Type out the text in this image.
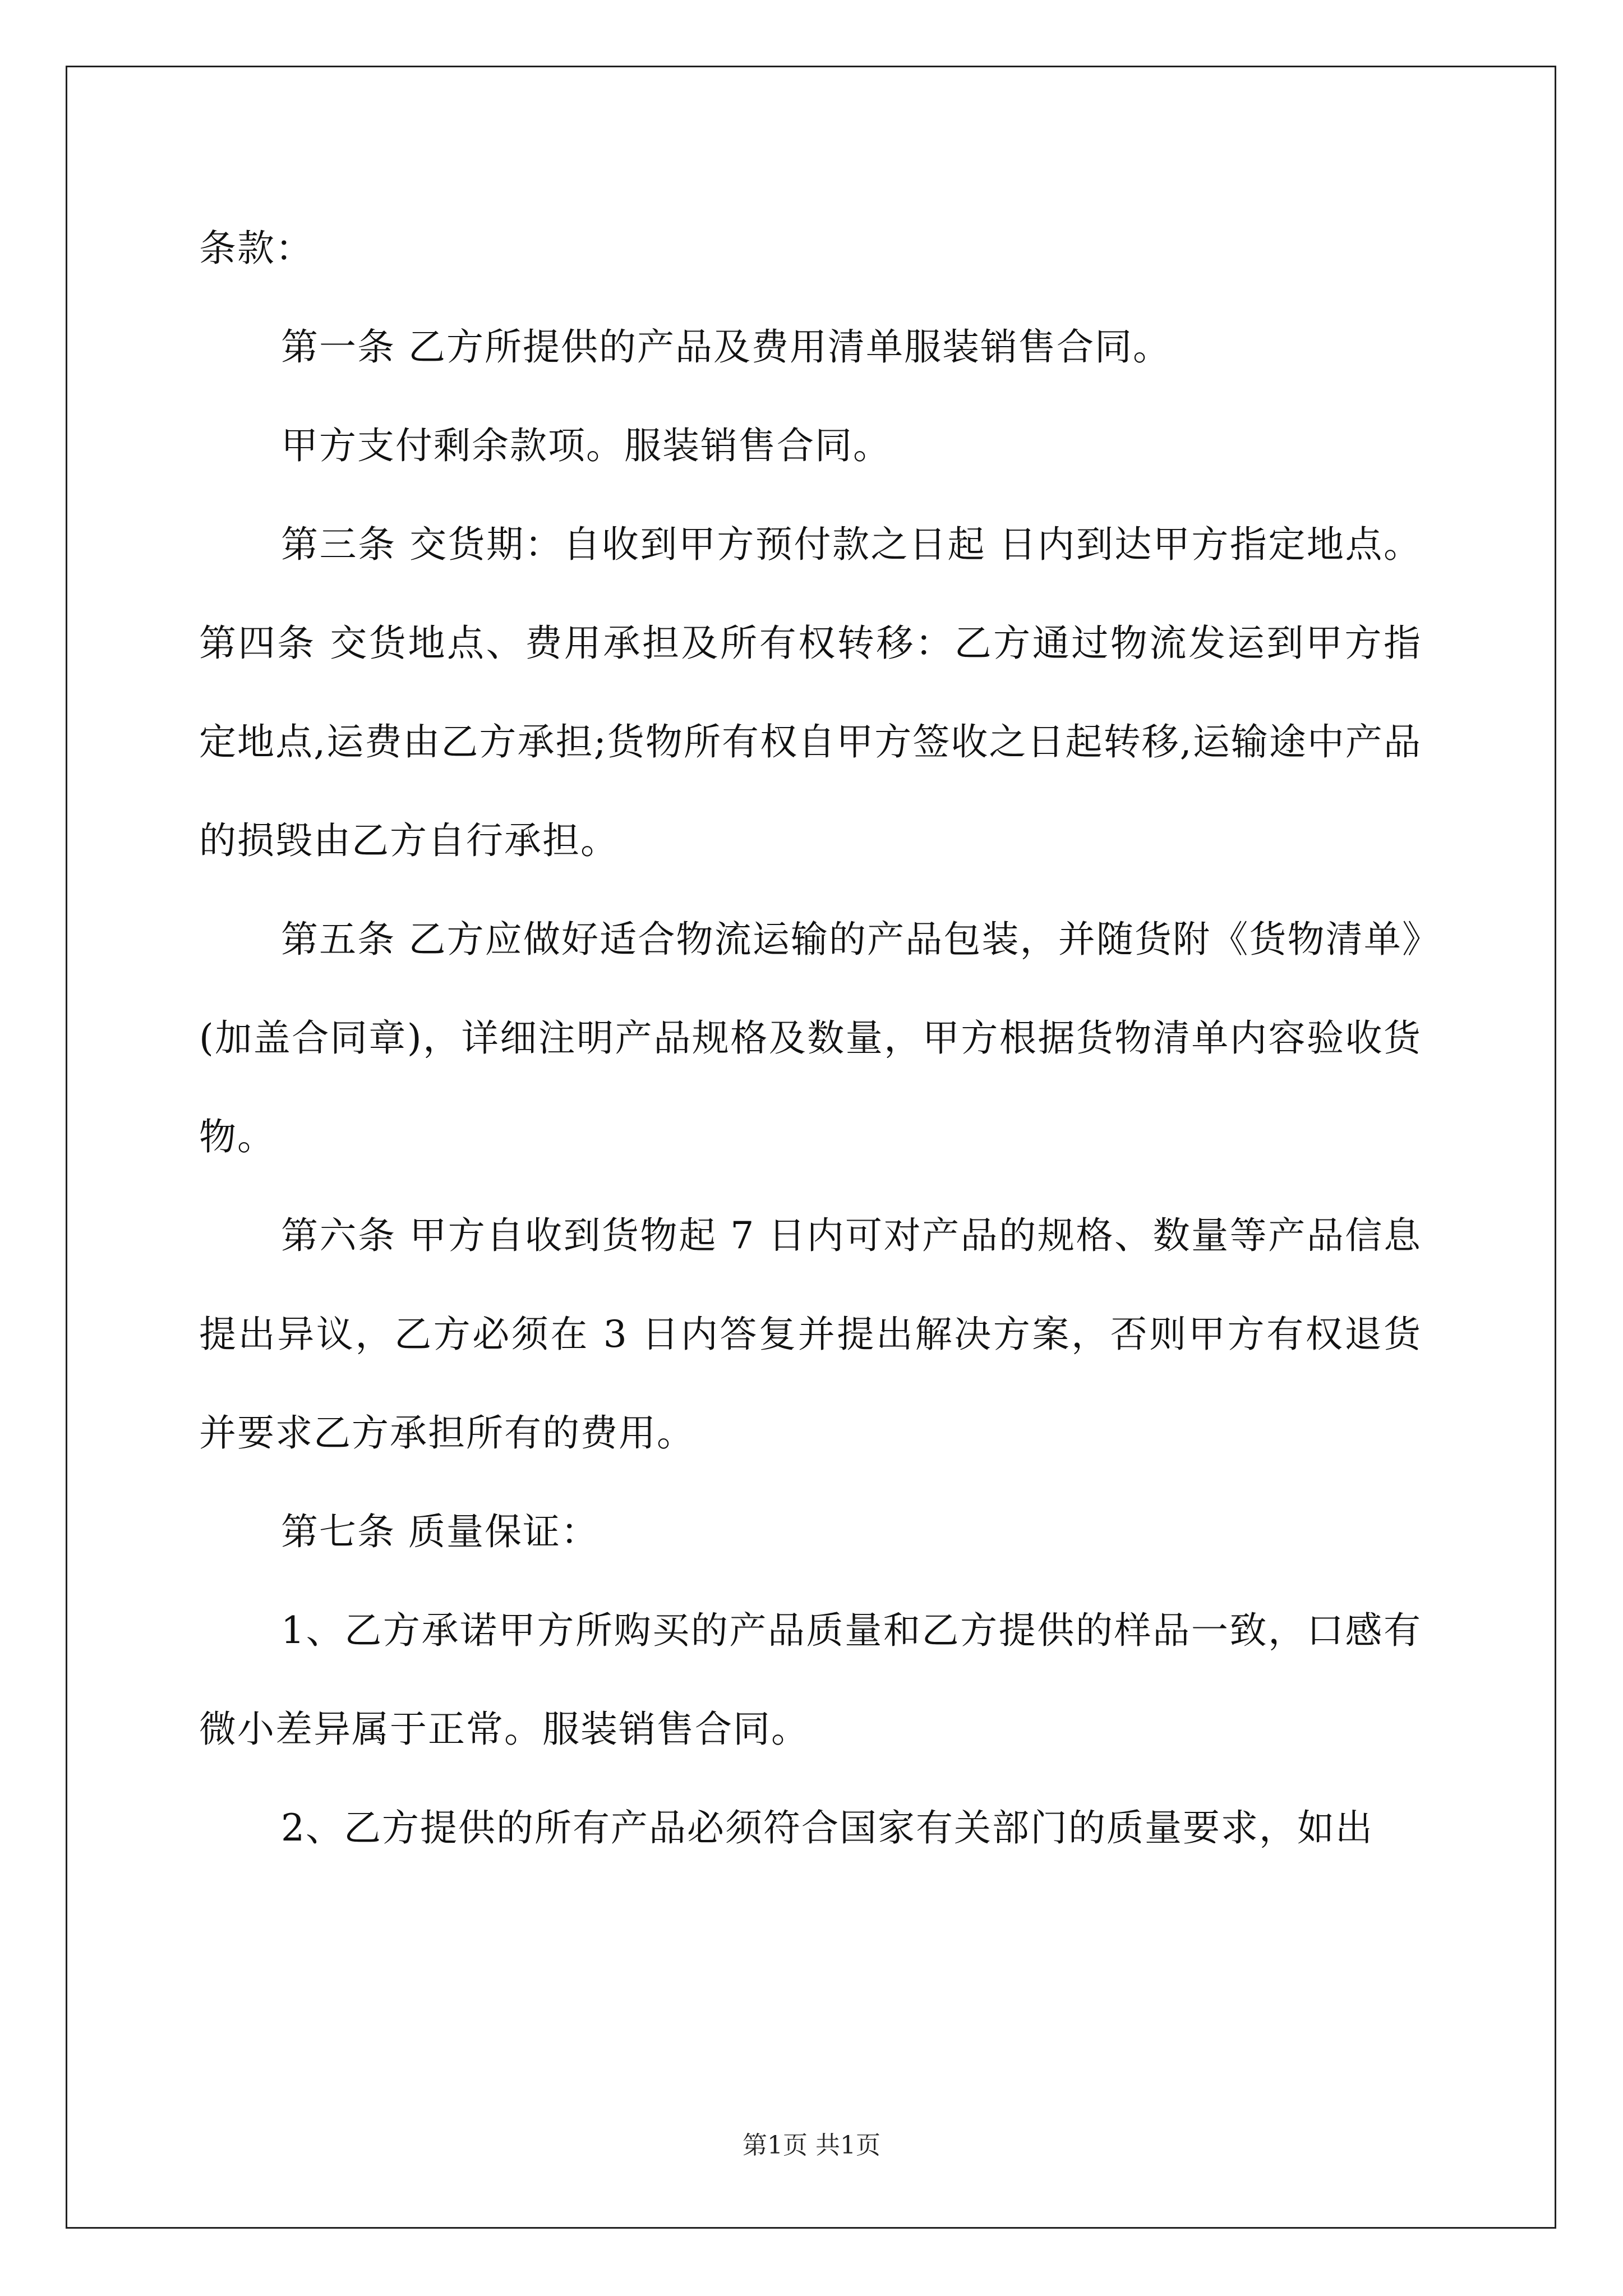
条款：

第一条 乙方所提供的产品及费用清单服装销售合同。

甲方支付剩余款项。服装销售合同。

第三条 交货期：自收到甲方预付款之日起 日内到达甲方指定地点。 第四条 交货地点、费用承担及所有权转移：乙方通过物流发运到甲方指定地点,运费由乙方承担;货物所有权自甲方签收之日起转移,运输途中产品的损毁由乙方自行承担。

第五条 乙方应做好适合物流运输的产品包装，并随货附《货物清单》(加盖合同章)，详细注明产品规格及数量，甲方根据货物清单内容验收货物。

第六条 甲方自收到货物起 7 日内可对产品的规格、数量等产品信息提出异议，乙方必须在 3 日内答复并提出解决方案，否则甲方有权退货并要求乙方承担所有的费用。

第七条 质量保证：

1、乙方承诺甲方所购买的产品质量和乙方提供的样品一致，口感有微小差异属于正常。服装销售合同。

2、乙方提供的所有产品必须符合国家有关部门的质量要求，如出

第1页 共1页
